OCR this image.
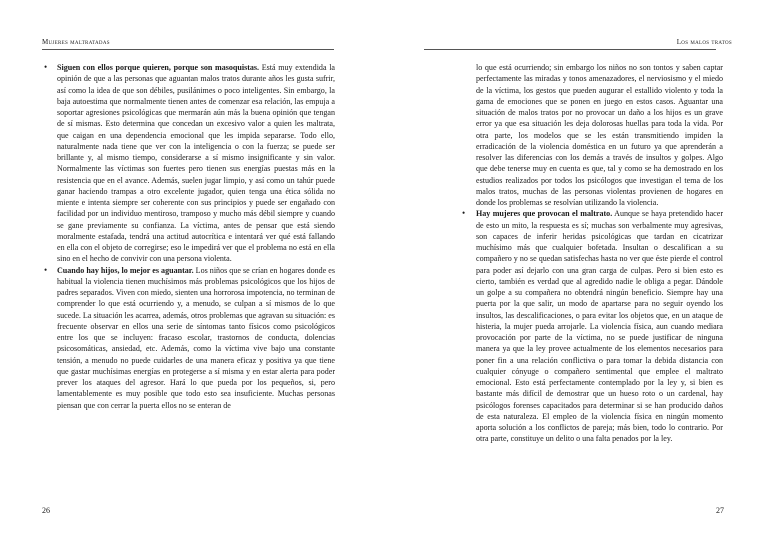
Mujeres maltratadas
• Siguen con ellos porque quieren, porque son masoquistas. Está muy extendida la opinión de que a las personas que aguantan malos tratos durante años les gusta sufrir, así como la idea de que son débiles, pusilánimes o poco inteligentes. Sin embargo, la baja autoestima que normalmente tienen antes de comenzar esa relación, las empuja a soportar agresiones psicológicas que mermarán aún más la buena opinión que tengan de sí mismas. Esto determina que concedan un excesivo valor a quien les maltrata, que caigan en una dependencia emocional que les impida separarse. Todo ello, naturalmente nada tiene que ver con la inteligencia o con la fuerza; se puede ser brillante y, al mismo tiempo, considerarse a sí mismo insignificante y sin valor. Normalmente las víctimas son fuertes pero tienen sus energías puestas más en la resistencia que en el avance. Además, suelen jugar limpio, y así como un tahúr puede ganar haciendo trampas a otro excelente jugador, quien tenga una ética sólida no miente e intenta siempre ser coherente con sus principios y puede ser engañado con facilidad por un individuo mentiroso, tramposo y mucho más débil siempre y cuando se gane previamente su confianza. La víctima, antes de pensar que está siendo moralmente estafada, tendrá una actitud autocrítica e intentará ver qué está fallando en ella con el objeto de corregirse; eso le impedirá ver que el problema no está en ella sino en el hecho de convivir con una persona violenta.
• Cuando hay hijos, lo mejor es aguantar. Los niños que se crían en hogares donde es habitual la violencia tienen muchísimos más problemas psicológicos que los hijos de padres separados. Viven con miedo, sienten una horrorosa impotencia, no terminan de comprender lo que está ocurriendo y, a menudo, se culpan a sí mismos de lo que sucede. La situación les acarrea, además, otros problemas que agravan su situación: es frecuente observar en ellos una serie de síntomas tanto físicos como psicológicos entre los que se incluyen: fracaso escolar, trastornos de conducta, dolencias psicosomáticas, ansiedad, etc. Además, como la víctima vive bajo una constante tensión, a menudo no puede cuidarles de una manera eficaz y positiva ya que tiene que gastar muchísimas energías en protegerse a sí misma y en estar alerta para poder prever los ataques del agresor. Hará lo que pueda por los pequeños, si, pero lamentablemente es muy posible que todo esto sea insuficiente. Muchas personas piensan que con cerrar la puerta ellos no se enteran de
26
Los malos tratos

lo que está ocurriendo; sin embargo los niños no son tontos y saben captar perfectamente las miradas y tonos amenazadores, el nerviosismo y el miedo de la víctima, los gestos que pueden augurar el estallido violento y toda la gama de emociones que se ponen en juego en estos casos. Aguantar una situación de malos tratos por no provocar un daño a los hijos es un grave error ya que esa situación les deja dolorosas huellas para toda la vida. Por otra parte, los modelos que se les están transmitiendo impiden la erradicación de la violencia doméstica en un futuro ya que aprenderán a resolver las diferencias con los demás a través de insultos y golpes. Algo que debe tenerse muy en cuenta es que, tal y como se ha demostrado en los estudios realizados por todos los psicólogos que investigan el tema de los malos tratos, muchas de las personas violentas provienen de hogares en donde los problemas se resolvían utilizando la violencia.

• Hay mujeres que provocan el maltrato. Aunque se haya pretendido hacer de esto un mito, la respuesta es sí; muchas son verbalmente muy agresivas, son capaces de inferir heridas psicológicas que tardan en cicatrizar muchísimo más que cualquier bofetada. Insultan o descalifican a su compañero y no se quedan satisfechas hasta no ver que éste pierde el control para poder así dejarlo con una gran carga de culpas. Pero si bien esto es cierto, también es verdad que al agredido nadie le obliga a pegar. Dándole un golpe a su compañera no obtendrá ningún beneficio. Siempre hay una puerta por la que salir, un modo de apartarse para no seguir oyendo los insultos, las descalificaciones, o para evitar los objetos que, en un ataque de histeria, la mujer pueda arrojarle. La violencia física, aun cuando mediara provocación por parte de la víctima, no se puede justificar de ninguna manera ya que la ley provee actualmente de los elementos necesarios para poner fin a una relación conflictiva o para tomar la debida distancia con cualquier cónyuge o compañero sentimental que emplee el maltrato emocional. Esto está perfectamente contemplado por la ley y, si bien es bastante más difícil de demostrar que un hueso roto o un cardenal, hay psicólogos forenses capacitados para determinar si se han producido daños de esta naturaleza. El empleo de la violencia física en ningún momento aporta solución a los conflictos de pareja; más bien, todo lo contrario. Por otra parte, constituye un delito o una falta penados por la ley.
27
